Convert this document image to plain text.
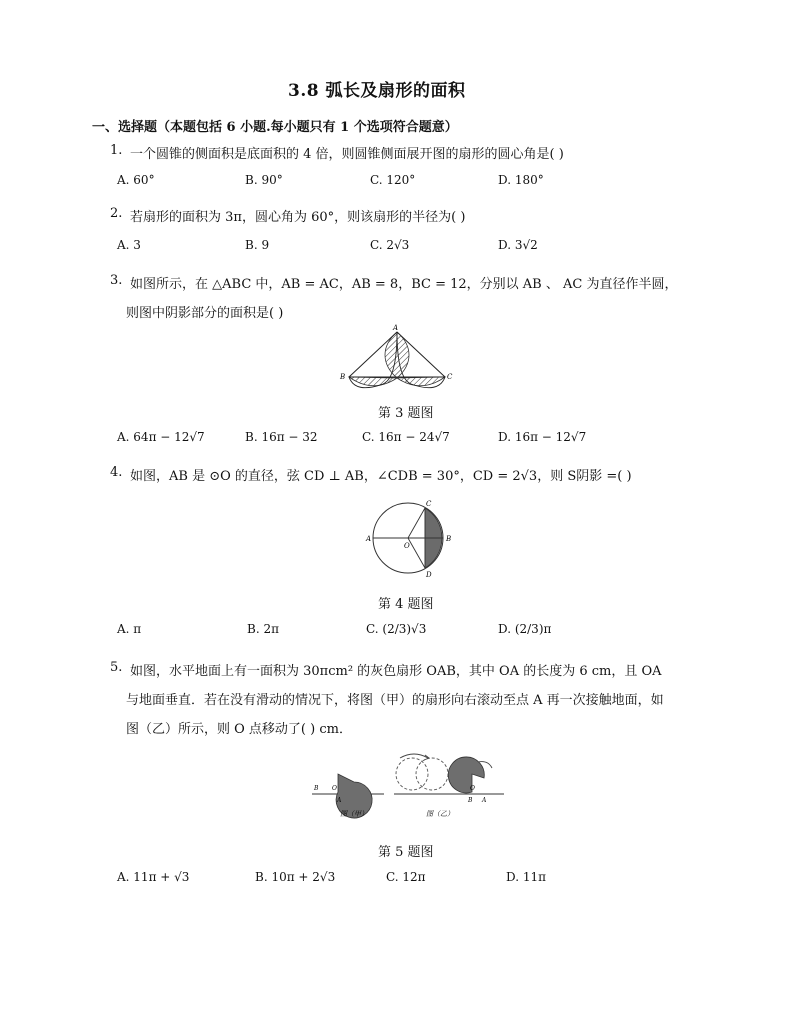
3.8 弧长及扇形的面积
一、选择题（本题包括 6 小题.每小题只有 1 个选项符合题意）
1. 一个圆锥的侧面积是底面积的 4 倍，则圆锥侧面展开图的扇形的圆心角是( )
A. 60°	B. 90°	C. 120°	D. 180°
2. 若扇形的面积为 3π，圆心角为 60°，则该扇形的半径为( )
A. 3	B. 9	C. 2√3	D. 3√2
3. 如图所示，在 △ABC 中，AB = AC，AB = 8，BC = 12，分别以 AB 、 AC 为直径作半圆，
则图中阴影部分的面积是( )
A
B	C
第 3 题图
A. 64π − 12√7	B. 16π − 32	C. 16π − 24√7	D. 16π − 12√7
4. 如图，AB 是 ⊙O 的直径，弦 CD ⊥ AB，∠CDB = 30°，CD = 2√3，则 S阴影 =( )
A	B
C
D
O
第 4 题图
A. π	B. 2π	C. (2/3)√3	D. (2/3)π
5. 如图，水平地面上有一面积为 30πcm² 的灰色扇形 OAB，其中 OA 的长度为 6 cm，且 OA
与地面垂直．若在没有滑动的情况下，将图（甲）的扇形向右滚动至点 A 再一次接触地面，如
图（乙）所示，则 O 点移动了( ) cm．
B O
A
O
B A
图（甲）	图（乙）
第 5 题图
A. 11π + √3	B. 10π + 2√3	C. 12π	D. 11π
